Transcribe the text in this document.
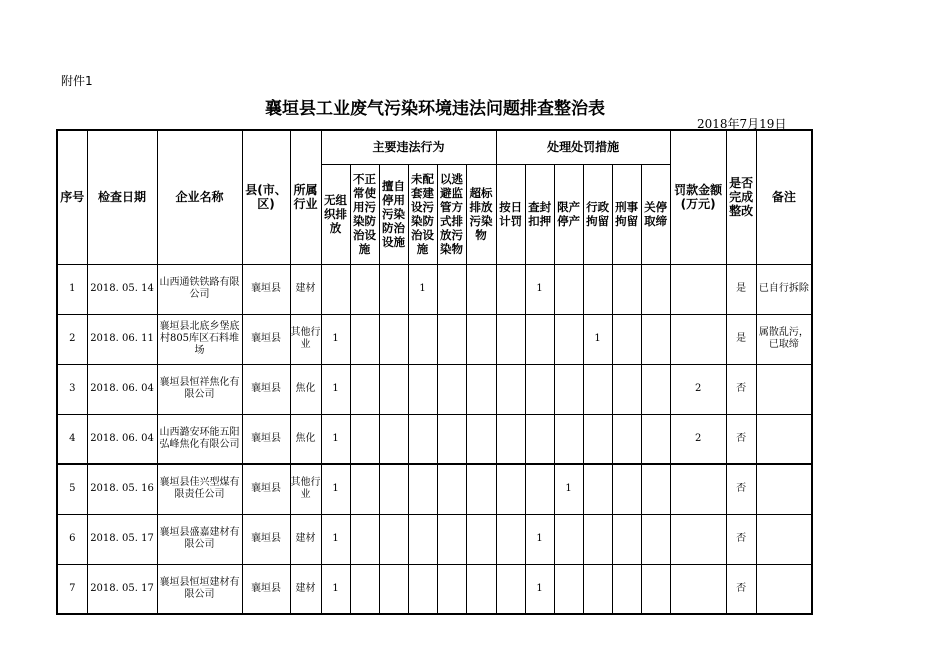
附件1
襄垣县工业废气污染环境违法问题排查整治表
2018年7月19日
序号	检查日期	企业名称	县(市、区)	所属行业	主要违法行为						处理处罚措施						罚款金额(万元)	是否完成整改	备注
					无组织排放	不正常使用污染防治设施	擅自停用污染防治设施	未配套建设污染防治设施	以逃避监管方式排放污染物	超标排放污染物	按日计罚	查封扣押	限产停产	行政拘留	刑事拘留	关停取缔			
1	2018. 05. 14	山西通铁铁路有限公司	襄垣县	建材				1				1						是	已自行拆除
2	2018. 06. 11	襄垣县北底乡堡底村805库区石料堆场	襄垣县	其他行业	1									1				是	属散乱污，已取缔
3	2018. 06. 04	襄垣县恒祥焦化有限公司	襄垣县	焦化	1												2	否	
4	2018. 06. 04	山西潞安环能五阳弘峰焦化有限公司	襄垣县	焦化	1												2	否	
5	2018. 05. 16	襄垣县佳兴型煤有限责任公司	襄垣县	其他行业	1								1					否	
6	2018. 05. 17	襄垣县盛嘉建材有限公司	襄垣县	建材	1							1						否	
7	2018. 05. 17	襄垣县恒垣建材有限公司	襄垣县	建材	1							1						否	
